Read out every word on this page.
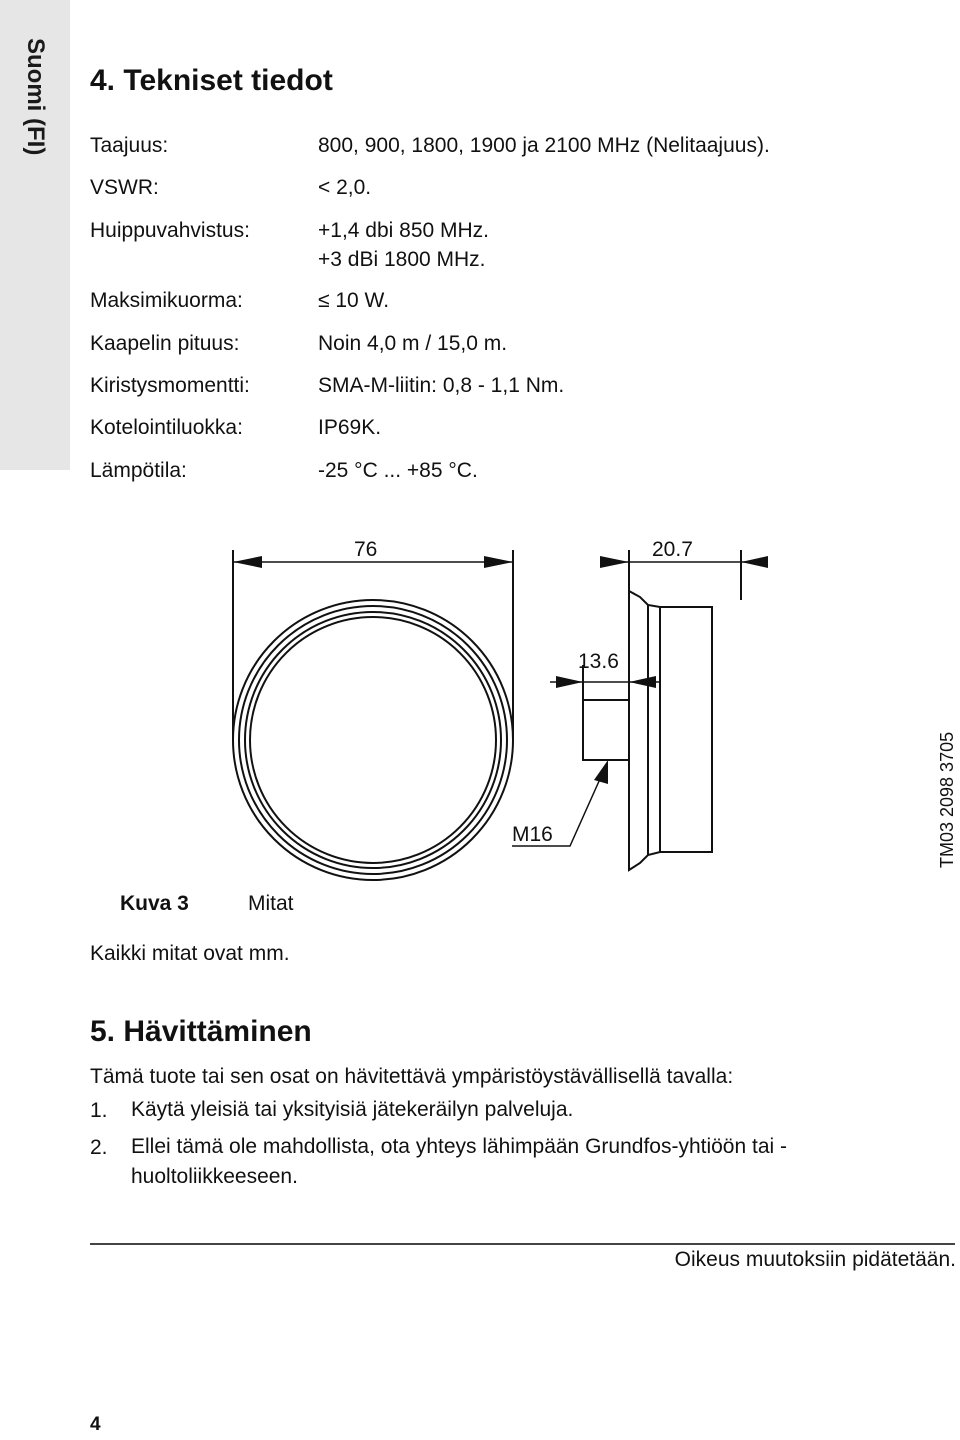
Suomi (FI) 4. Tekniset tiedot
Taajuus:	800, 900, 1800, 1900 ja 2100 MHz (Nelitaajuus).
VSWR:	< 2,0.
Huippuvahvistus:	+1,4 dbi 850 MHz.
+3 dBi 1800 MHz.
Maksimikuorma:	≤ 10 W.
Kaapelin pituus:	Noin 4,0 m / 15,0 m.
Kiristysmomentti:	SMA-M-liitin: 0,8 - 1,1 Nm.
Kotelointiluokka:	IP69K.
Lämpötila:	-25 °C ... +85 °C.
76	20.7
13.6
M16	TM03 2098 3705
Kuva 3	Mitat
Kaikki mitat ovat mm.
5. Hävittäminen
Tämä tuote tai sen osat on hävitettävä ympäristöystävällisellä tavalla:
1. Käytä yleisiä tai yksityisiä jätekeräilyn palveluja.
2. Ellei tämä ole mahdollista, ota yhteys lähimpään Grundfos-yhtiöön tai -huoltoliikkeeseen.
Oikeus muutoksiin pidätetään.
4
